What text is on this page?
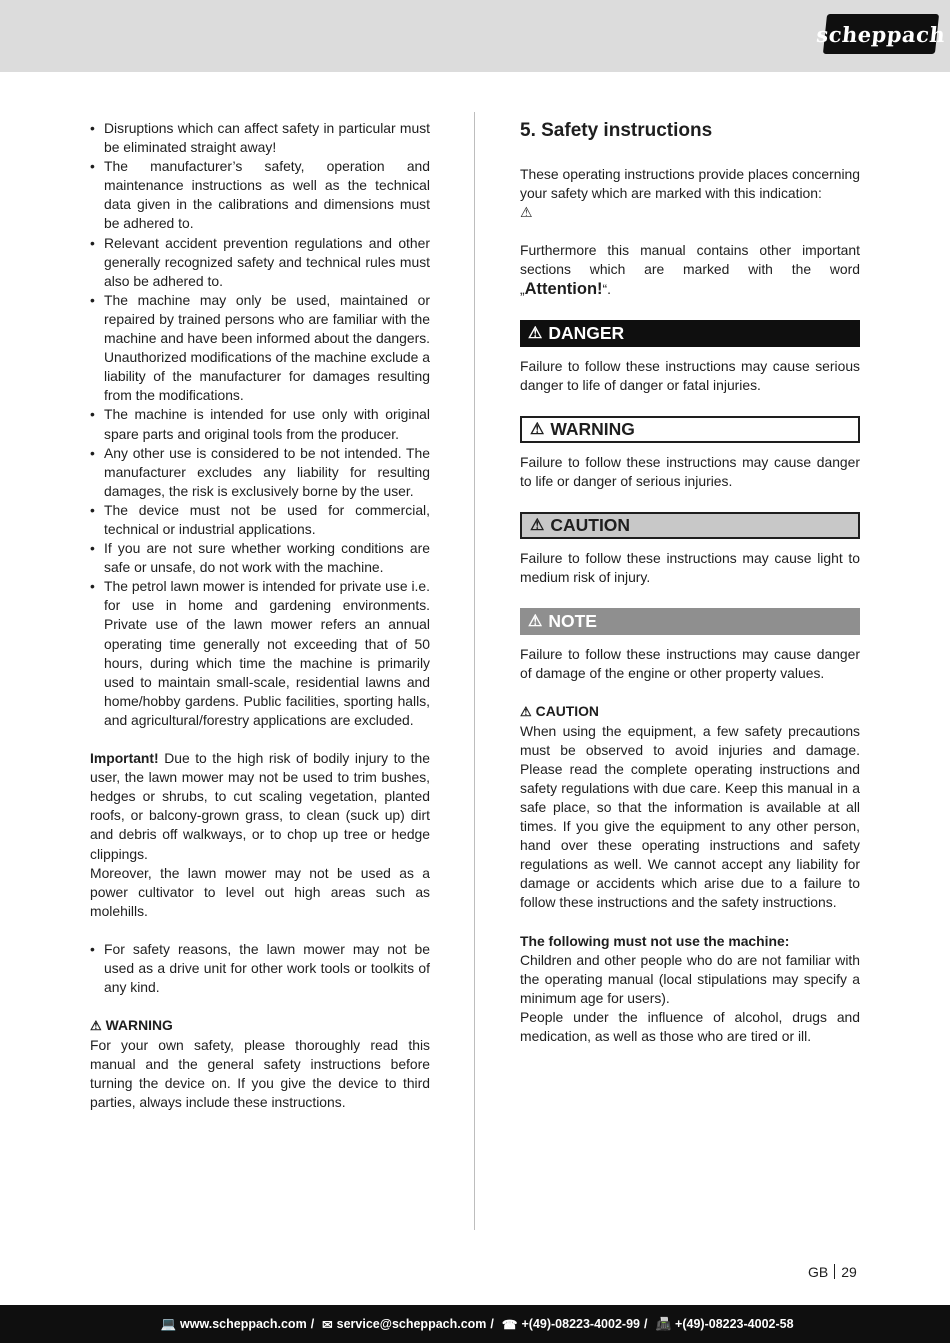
scheppach
• Disruptions which can affect safety in particular must be eliminated straight away!
• The manufacturer’s safety, operation and maintenance instructions as well as the technical data given in the calibrations and dimensions must be adhered to.
• Relevant accident prevention regulations and other generally recognized safety and technical rules must also be adhered to.
• The machine may only be used, maintained or repaired by trained persons who are familiar with the machine and have been informed about the dangers. Unauthorized modifications of the machine exclude a liability of the manufacturer for damages resulting from the modifications.
• The machine is intended for use only with original spare parts and original tools from the producer.
• Any other use is considered to be not intended. The manufacturer excludes any liability for resulting damages, the risk is exclusively borne by the user.
• The device must not be used for commercial, technical or industrial applications.
• If you are not sure whether working conditions are safe or unsafe, do not work with the machine.
• The petrol lawn mower is intended for private use i.e. for use in home and gardening environments. Private use of the lawn mower refers an annual operating time generally not exceeding that of 50 hours, during which time the machine is primarily used to maintain small-scale, residential lawns and home/hobby gardens. Public facilities, sporting halls, and agricultural/forestry applications are excluded.

Important! Due to the high risk of bodily injury to the user, the lawn mower may not be used to trim bushes, hedges or shrubs, to cut scaling vegetation, planted roofs, or balcony-grown grass, to clean (suck up) dirt and debris off walkways, or to chop up tree or hedge clippings.

Moreover, the lawn mower may not be used as a power cultivator to level out high areas such as molehills.

• For safety reasons, the lawn mower may not be used as a drive unit for other work tools or toolkits of any kind.

⚠ WARNING

For your own safety, please thoroughly read this manual and the general safety instructions before turning the device on. If you give the device to third parties, always include these instructions.

5. Safety instructions

These operating instructions provide places concerning your safety which are marked with this indication:
⚠

Furthermore this manual contains other important sections which are marked with the word „Attention!“.

⚠ DANGER

Failure to follow these instructions may cause serious danger to life of danger or fatal injuries.

⚠ WARNING

Failure to follow these instructions may cause danger to life or danger of serious injuries.

⚠ CAUTION

Failure to follow these instructions may cause light to medium risk of injury.

⚠ NOTE

Failure to follow these instructions may cause danger of damage of the engine or other property values.

⚠ CAUTION

When using the equipment, a few safety precautions must be observed to avoid injuries and damage. Please read the complete operating instructions and safety regulations with due care. Keep this manual in a safe place, so that the information is available at all times. If you give the equipment to any other person, hand over these operating instructions and safety regulations as well. We cannot accept any liability for damage or accidents which arise due to a failure to follow these instructions and the safety instructions.

The following must not use the machine:

Children and other people who do are not familiar with the operating manual (local stipulations may specify a minimum age for users).

People under the influence of alcohol, drugs and medication, as well as those who are tired or ill.

GB 29
💻 www.scheppach.com / ✉ service@scheppach.com / ☎ +(49)-08223-4002-99 / 📠 +(49)-08223-4002-58
